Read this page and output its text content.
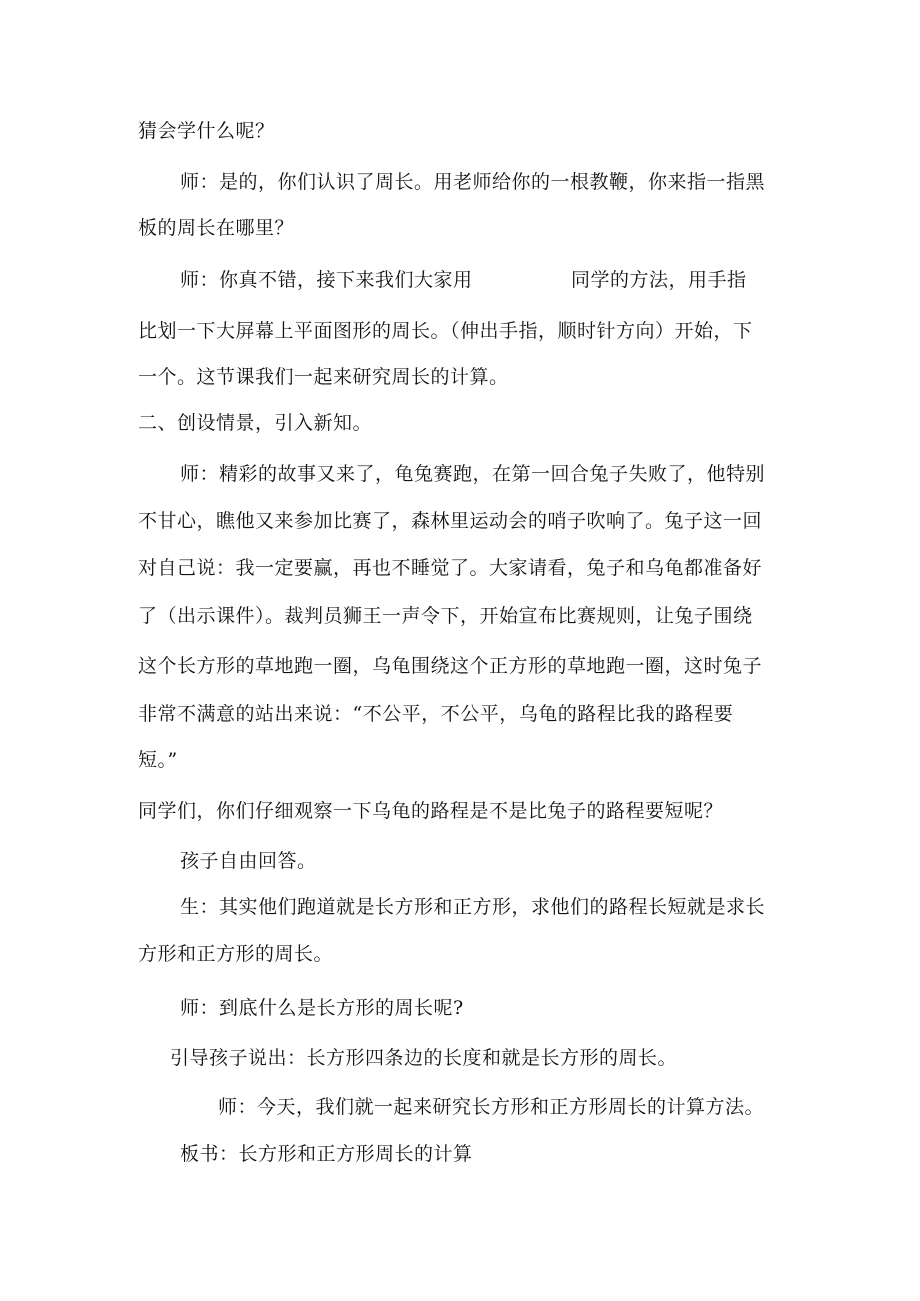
猜会学什么呢？
师：是的，你们认识了周长。用老师给你的一根教鞭，你来指一指黑
板的周长在哪里？
师：你真不错，接下来我们大家用	同学的方法，用手指
比划一下大屏幕上平面图形的周长。（伸出手指，顺时针方向）开始，下
一个。这节课我们一起来研究周长的计算。
二、创设情景，引入新知。
师：精彩的故事又来了，龟兔赛跑，在第一回合兔子失败了，他特别
不甘心，瞧他又来参加比赛了，森林里运动会的哨子吹响了。兔子这一回
对自己说：我一定要赢，再也不睡觉了。大家请看，兔子和乌龟都准备好
了（出示课件）。裁判员狮王一声令下，开始宣布比赛规则，让兔子围绕
这个长方形的草地跑一圈，乌龟围绕这个正方形的草地跑一圈，这时兔子
非常不满意的站出来说：“不公平，不公平，乌龟的路程比我的路程要
短。”
同学们，你们仔细观察一下乌龟的路程是不是比兔子的路程要短呢？
孩子自由回答。
生：其实他们跑道就是长方形和正方形，求他们的路程长短就是求长
方形和正方形的周长。
师：到底什么是长方形的周长呢?
引导孩子说出：长方形四条边的长度和就是长方形的周长。
师：今天，我们就一起来研究长方形和正方形周长的计算方法。
板书：长方形和正方形周长的计算
